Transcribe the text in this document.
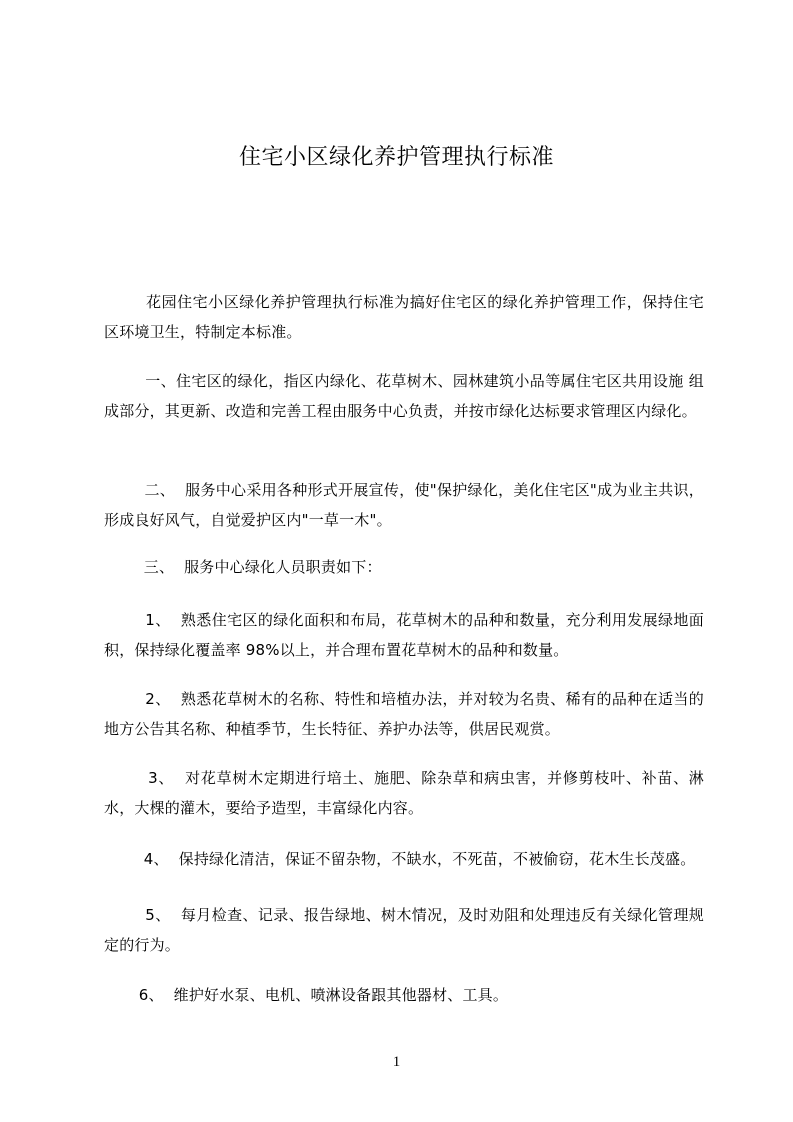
住宅小区绿化养护管理执行标准
花园住宅小区绿化养护管理执行标准为搞好住宅区的绿化养护管理工作，保持住宅区环境卫生，特制定本标准。
一、住宅区的绿化，指区内绿化、花草树木、园林建筑小品等属住宅区共用设施 组成部分，其更新、改造和完善工程由服务中心负责，并按市绿化达标要求管理区内绿化。
二、  服务中心采用各种形式开展宣传，使"保护绿化，美化住宅区"成为业主共识，形成良好风气，自觉爱护区内"一草一木"。
三、  服务中心绿化人员职责如下：
1、  熟悉住宅区的绿化面积和布局，花草树木的品种和数量，充分利用发展绿地面积，保持绿化覆盖率 98%以上，并合理布置花草树木的品种和数量。
2、  熟悉花草树木的名称、特性和培植办法，并对较为名贵、稀有的品种在适当的地方公告其名称、种植季节，生长特征、养护办法等，供居民观赏。
3、  对花草树木定期进行培土、施肥、除杂草和病虫害，并修剪枝叶、补苗、淋水，大棵的灌木，要给予造型，丰富绿化内容。
4、  保持绿化清洁，保证不留杂物，不缺水，不死苗，不被偷窃，花木生长茂盛。
5、  每月检查、记录、报告绿地、树木情况，及时劝阻和处理违反有关绿化管理规定的行为。
6、  维护好水泵、电机、喷淋设备跟其他器材、工具。
1
